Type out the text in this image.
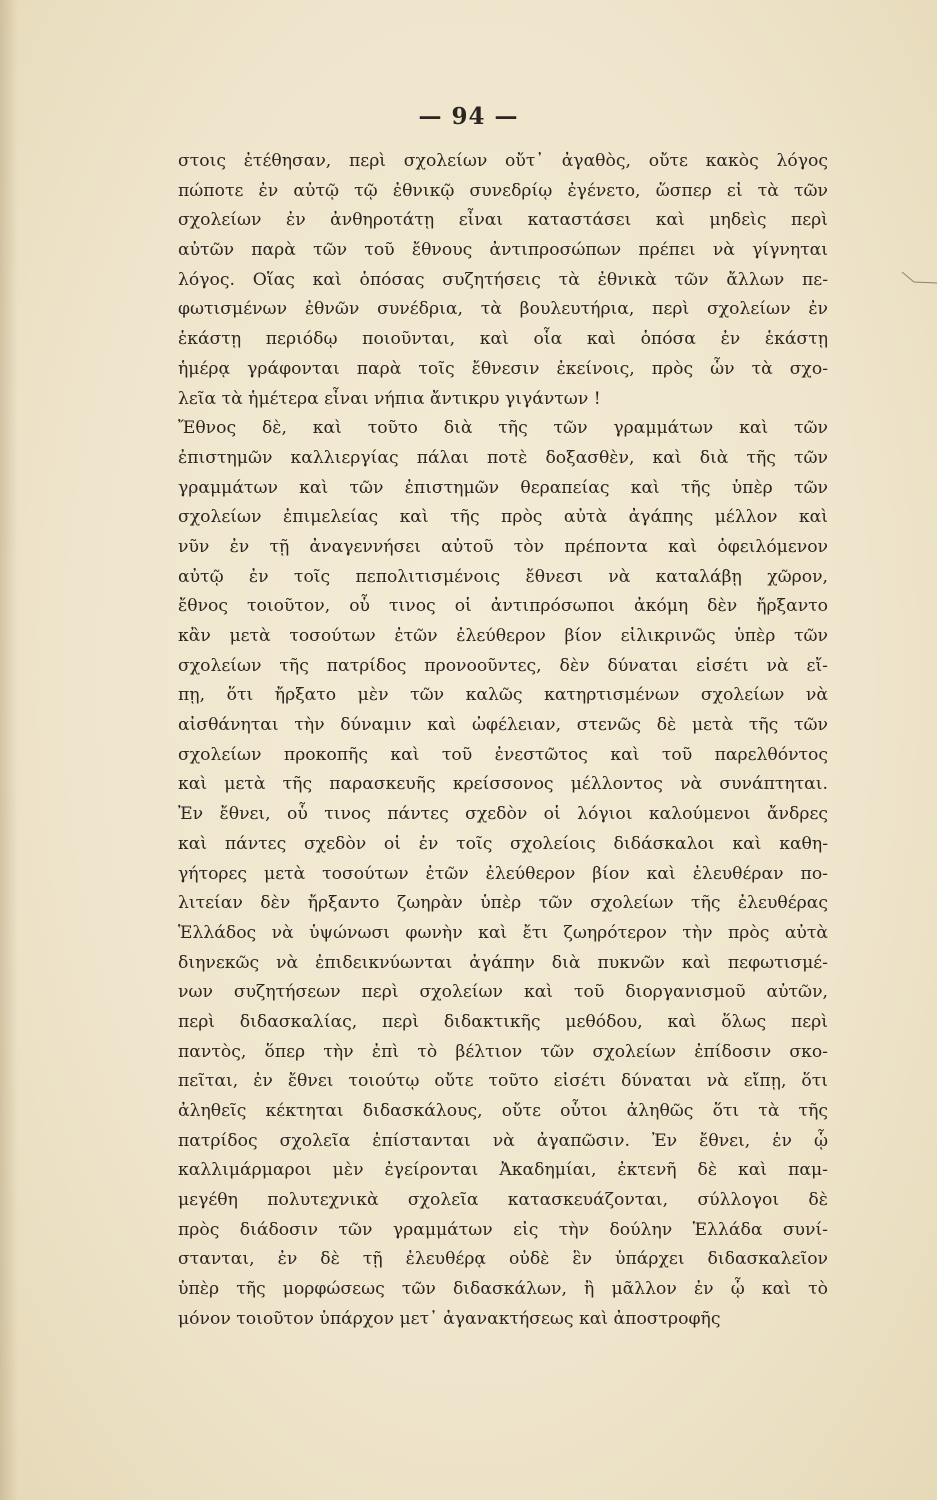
— 94 —
στοις ἐτέθησαν, περὶ σχολείων οὔτ᾽ ἀγαθὸς, οὔτε κακὸς λόγος
πώποτε ἐν αὐτῷ τῷ ἐθνικῷ συνεδρίῳ ἐγένετο, ὥσπερ εἰ τὰ τῶν
σχολείων ἐν ἀνθηροτάτῃ εἶναι καταστάσει καὶ μηδεὶς περὶ
αὐτῶν παρὰ τῶν τοῦ ἔθνους ἀντιπροσώπων πρέπει νὰ γίγνηται
λόγος. Οἵας καὶ ὁπόσας συζητήσεις τὰ ἐθνικὰ τῶν ἄλλων πε-
φωτισμένων ἐθνῶν συνέδρια, τὰ βουλευτήρια, περὶ σχολείων ἐν
ἑκάστῃ περιόδῳ ποιοῦνται, καὶ οἷα καὶ ὁπόσα ἐν ἑκάστῃ
ἡμέρᾳ γράφονται παρὰ τοῖς ἔθνεσιν ἐκείνοις, πρὸς ὧν τὰ σχο-
λεῖα τὰ ἡμέτερα εἶναι νήπια ἄντικρυ γιγάντων !
Ἔθνος δὲ, καὶ τοῦτο διὰ τῆς τῶν γραμμάτων καὶ τῶν
ἐπιστημῶν καλλιεργίας πάλαι ποτὲ δοξασθὲν, καὶ διὰ τῆς τῶν
γραμμάτων καὶ τῶν ἐπιστημῶν θεραπείας καὶ τῆς ὑπὲρ τῶν
σχολείων ἐπιμελείας καὶ τῆς πρὸς αὐτὰ ἀγάπης μέλλον καὶ
νῦν ἐν τῇ ἀναγεννήσει αὐτοῦ τὸν πρέποντα καὶ ὀφειλόμενον
αὐτῷ ἐν τοῖς πεπολιτισμένοις ἔθνεσι νὰ καταλάβῃ χῶρον,
ἔθνος τοιοῦτον, οὗ τινος οἱ ἀντιπρόσωποι ἀκόμη δὲν ἤρξαντο
κἂν μετὰ τοσούτων ἐτῶν ἐλεύθερον βίον εἰλικρινῶς ὑπὲρ τῶν
σχολείων τῆς πατρίδος προνοοῦντες, δὲν δύναται εἰσέτι νὰ εἴ-
πῃ, ὅτι ἤρξατο μὲν τῶν καλῶς κατηρτισμένων σχολείων νὰ
αἰσθάνηται τὴν δύναμιν καὶ ὠφέλειαν, στενῶς δὲ μετὰ τῆς τῶν
σχολείων προκοπῆς καὶ τοῦ ἐνεστῶτος καὶ τοῦ παρελθόντος
καὶ μετὰ τῆς παρασκευῆς κρείσσονος μέλλοντος νὰ συνάπτηται.
Ἐν ἔθνει, οὗ τινος πάντες σχεδὸν οἱ λόγιοι καλούμενοι ἄνδρες
καὶ πάντες σχεδὸν οἱ ἐν τοῖς σχολείοις διδάσκαλοι καὶ καθη-
γήτορες μετὰ τοσούτων ἐτῶν ἐλεύθερον βίον καὶ ἐλευθέραν πο-
λιτείαν δὲν ἤρξαντο ζωηρὰν ὑπὲρ τῶν σχολείων τῆς ἐλευθέρας
Ἑλλάδος νὰ ὑψώνωσι φωνὴν καὶ ἔτι ζωηρότερον τὴν πρὸς αὐτὰ
διηνεκῶς νὰ ἐπιδεικνύωνται ἀγάπην διὰ πυκνῶν καὶ πεφωτισμέ-
νων συζητήσεων περὶ σχολείων καὶ τοῦ διοργανισμοῦ αὐτῶν,
περὶ διδασκαλίας, περὶ διδακτικῆς μεθόδου, καὶ ὅλως περὶ
παντὸς, ὅπερ τὴν ἐπὶ τὸ βέλτιον τῶν σχολείων ἐπίδοσιν σκο-
πεῖται, ἐν ἔθνει τοιούτῳ οὔτε τοῦτο εἰσέτι δύναται νὰ εἴπῃ, ὅτι
ἀληθεῖς κέκτηται διδασκάλους, οὔτε οὗτοι ἀληθῶς ὅτι τὰ τῆς
πατρίδος σχολεῖα ἐπίστανται νὰ ἀγαπῶσιν. Ἐν ἔθνει, ἐν ᾧ
καλλιμάρμαροι μὲν ἐγείρονται Ἀκαδημίαι, ἐκτενῆ δὲ καὶ παμ-
μεγέθη πολυτεχνικὰ σχολεῖα κατασκευάζονται, σύλλογοι δὲ
πρὸς διάδοσιν τῶν γραμμάτων εἰς τὴν δούλην Ἑλλάδα συνί-
στανται, ἐν δὲ τῇ ἐλευθέρᾳ οὐδὲ ἓν ὑπάρχει διδασκαλεῖον
ὑπὲρ τῆς μορφώσεως τῶν διδασκάλων, ἢ μᾶλλον ἐν ᾧ καὶ τὸ
μόνον τοιοῦτον ὑπάρχον μετ᾽ ἀγανακτήσεως καὶ ἀποστροφῆς
